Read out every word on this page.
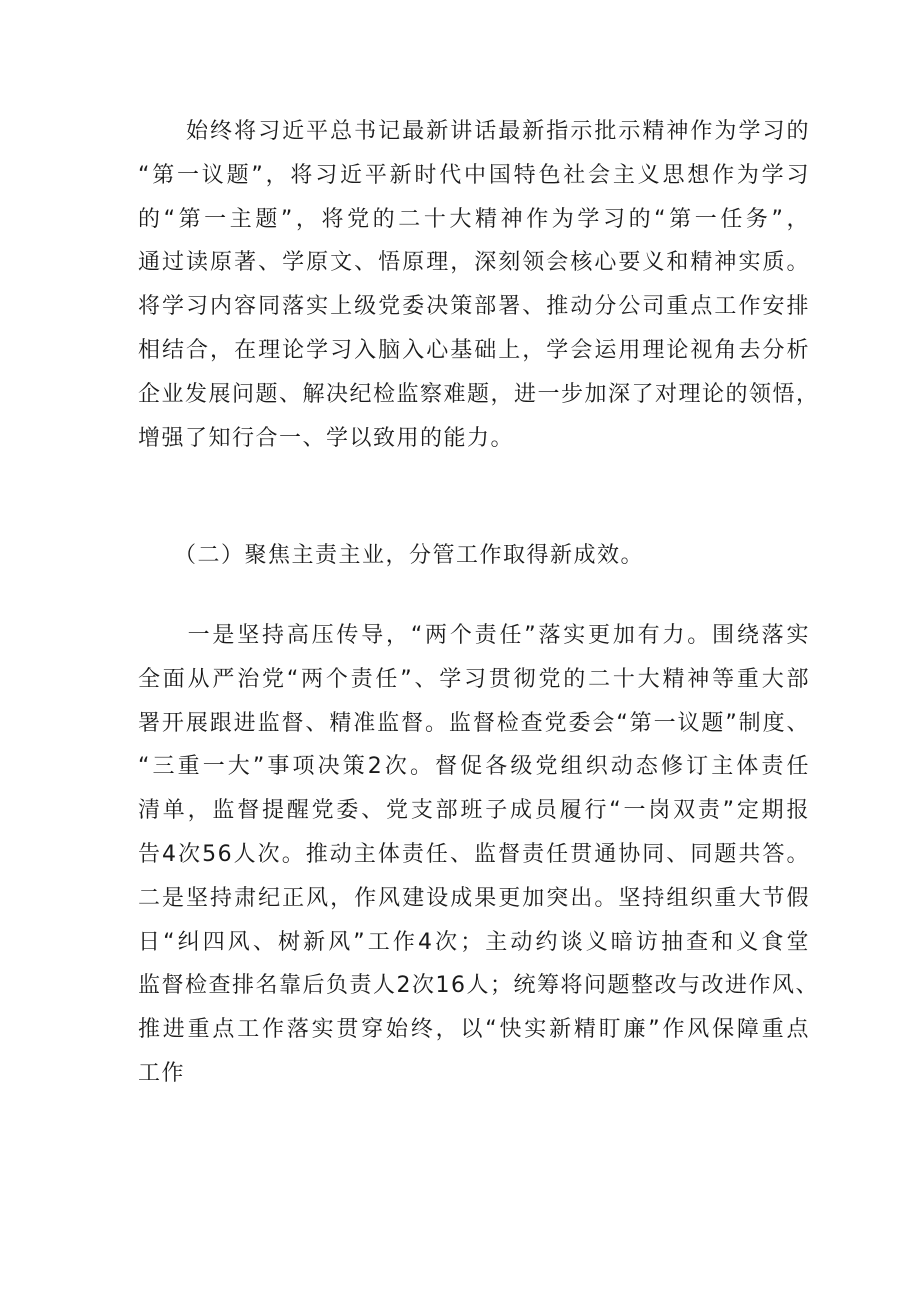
　　始终将习近平总书记最新讲话最新指示批示精神作为学习的
“第一议题”，将习近平新时代中国特色社会主义思想作为学习
的“第一主题”，将党的二十大精神作为学习的“第一任务”，
通过读原著、学原文、悟原理，深刻领会核心要义和精神实质。
将学习内容同落实上级党委决策部署、推动分公司重点工作安排
相结合，在理论学习入脑入心基础上，学会运用理论视角去分析
企业发展问题、解决纪检监察难题，进一步加深了对理论的领悟，
增强了知行合一、学以致用的能力。
　　（二）聚焦主责主业，分管工作取得新成效。
　　一是坚持高压传导，“两个责任”落实更加有力。围绕落实
全面从严治党“两个责任”、学习贯彻党的二十大精神等重大部
署开展跟进监督、精准监督。监督检查党委会“第一议题”制度、
“三重一大”事项决策2次。督促各级党组织动态修订主体责任
清单，监督提醒党委、党支部班子成员履行“一岗双责”定期报
告4次56人次。推动主体责任、监督责任贯通协同、同题共答。
二是坚持肃纪正风，作风建设成果更加突出。坚持组织重大节假
日“纠四风、树新风”工作4次；主动约谈义暗访抽查和义食堂
监督检查排名靠后负责人2次16人；统筹将问题整改与改进作风、
推进重点工作落实贯穿始终，以“快实新精盯廉”作风保障重点
工作
